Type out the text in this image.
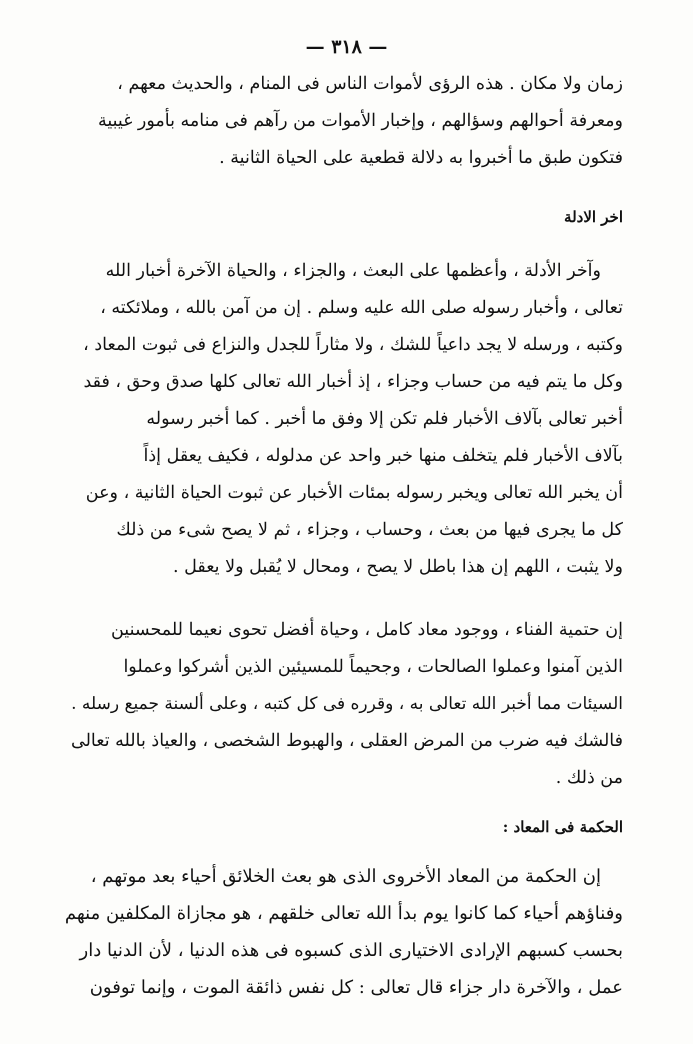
— ٣١٨ —
زمان ولا مكان . هذه الرؤى لأموات الناس فى المنام ، والحديث معهم ،
ومعرفة أحوالهم وسؤالهم ، وإخبار الأموات من رآهم فى منامه بأمور غيبية
فتكون طبق ما أخبروا به دلالة قطعية على الحياة الثانية .
اخر الادلة
وآخر الأدلة ، وأعظمها على البعث ، والجزاء ، والحياة الآخرة أخبار الله
تعالى ، وأخبار رسوله صلى الله عليه وسلم . إن من آمن بالله ، وملائكته ،
وكتبه ، ورسله لا يجد داعياً للشك ، ولا مثاراً للجدل والنزاع فى ثبوت المعاد ،
وكل ما يتم فيه من حساب وجزاء ، إذ أخبار الله تعالى كلها صدق وحق ، فقد
أخبر تعالى بآلاف الأخبار فلم تكن إلا وفق ما أخبر . كما أخبر رسوله
بآلاف الأخبار فلم يتخلف منها خبر واحد عن مدلوله ، فكيف يعقل إذاً
أن يخبر الله تعالى ويخبر رسوله بمئات الأخبار عن ثبوت الحياة الثانية ، وعن
كل ما يجرى فيها من بعث ، وحساب ، وجزاء ، ثم لا يصح شىء من ذلك
ولا يثبت ، اللهم إن هذا باطل لا يصح ، ومحال لا يُقبل ولا يعقل .
إن حتمية الفناء ، ووجود معاد كامل ، وحياة أفضل تحوى نعيما للمحسنين
الذين آمنوا وعملوا الصالحات ، وجحيماً للمسيئين الذين أشركوا وعملوا
السيئات مما أخبر الله تعالى به ، وقرره فى كل كتبه ، وعلى ألسنة جميع رسله .
فالشك فيه ضرب من المرض العقلى ، والهبوط الشخصى ، والعياذ بالله تعالى
من ذلك .
الحكمة فى المعاد :
إن الحكمة من المعاد الأخروى الذى هو بعث الخلائق أحياء بعد موتهم ،
وفناؤهم أحياء كما كانوا يوم بدأ الله تعالى خلقهم ، هو مجازاة المكلفين منهم
بحسب كسبهم الإرادى الاختيارى الذى كسبوه فى هذه الدنيا ، لأن الدنيا دار
عمل ، والآخرة دار جزاء قال تعالى : كل نفس ذائقة الموت ، وإنما توفون
